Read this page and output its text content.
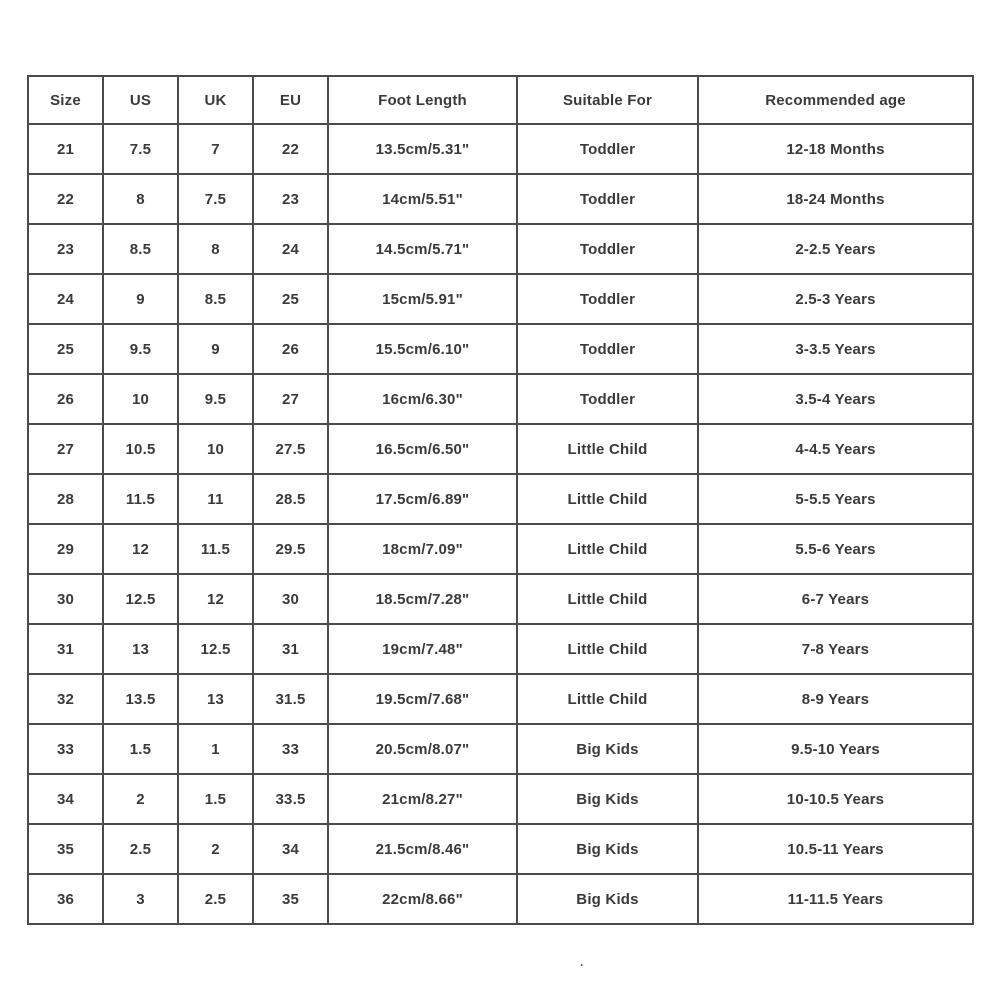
Size	US	UK	EU	Foot Length	Suitable For	Recommended age
21	7.5	7	22	13.5cm/5.31"	Toddler	12-18 Months
22	8	7.5	23	14cm/5.51"	Toddler	18-24 Months
23	8.5	8	24	14.5cm/5.71"	Toddler	2-2.5 Years
24	9	8.5	25	15cm/5.91"	Toddler	2.5-3 Years
25	9.5	9	26	15.5cm/6.10"	Toddler	3-3.5 Years
26	10	9.5	27	16cm/6.30"	Toddler	3.5-4 Years
27	10.5	10	27.5	16.5cm/6.50"	Little Child	4-4.5 Years
28	11.5	11	28.5	17.5cm/6.89"	Little Child	5-5.5 Years
29	12	11.5	29.5	18cm/7.09"	Little Child	5.5-6 Years
30	12.5	12	30	18.5cm/7.28"	Little Child	6-7 Years
31	13	12.5	31	19cm/7.48"	Little Child	7-8 Years
32	13.5	13	31.5	19.5cm/7.68"	Little Child	8-9 Years
33	1.5	1	33	20.5cm/8.07"	Big Kids	9.5-10 Years
34	2	1.5	33.5	21cm/8.27"	Big Kids	10-10.5 Years
35	2.5	2	34	21.5cm/8.46"	Big Kids	10.5-11 Years
36	3	2.5	35	22cm/8.66"	Big Kids	11-11.5 Years
.
